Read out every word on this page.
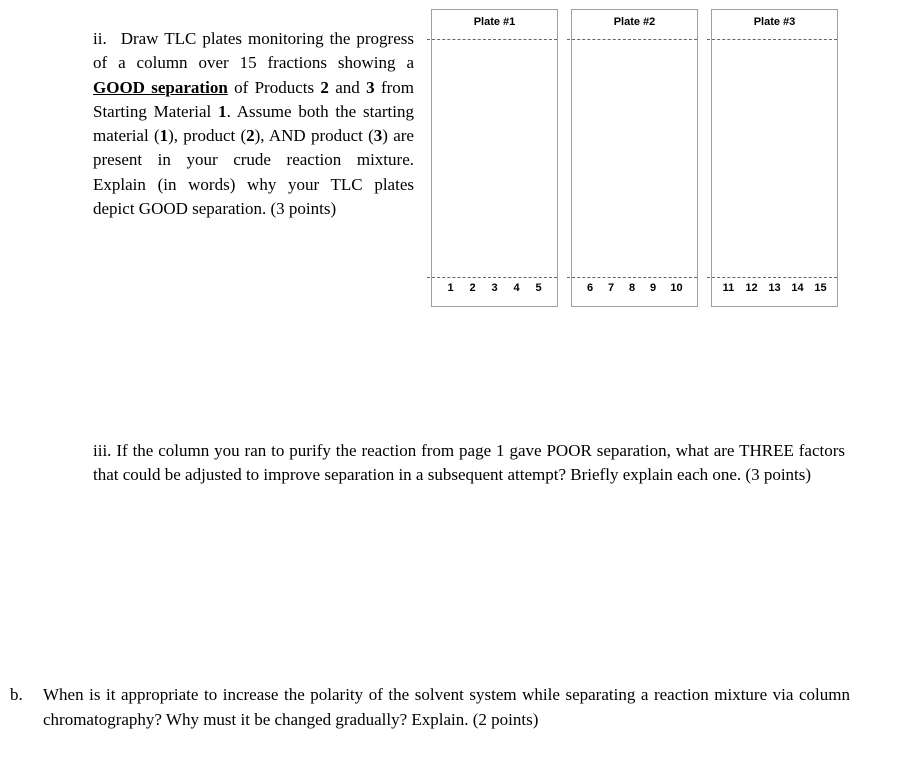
ii. Draw TLC plates monitoring the progress of a column over 15 fractions showing a GOOD separation of Products 2 and 3 from Starting Material 1. Assume both the starting material (1), product (2), AND product (3) are present in your crude reaction mixture. Explain (in words) why your TLC plates depict GOOD separation. (3 points)
Plate #1
1	2	3	4	5
Plate #2
6	7	8	9	10
Plate #3
11	12 13 14 15
iii. If the column you ran to purify the reaction from page 1 gave POOR separation, what are THREE factors that could be adjusted to improve separation in a subsequent attempt? Briefly explain each one. (3 points)
b. When is it appropriate to increase the polarity of the solvent system while separating a reaction mixture via column chromatography? Why must it be changed gradually? Explain. (2 points)
